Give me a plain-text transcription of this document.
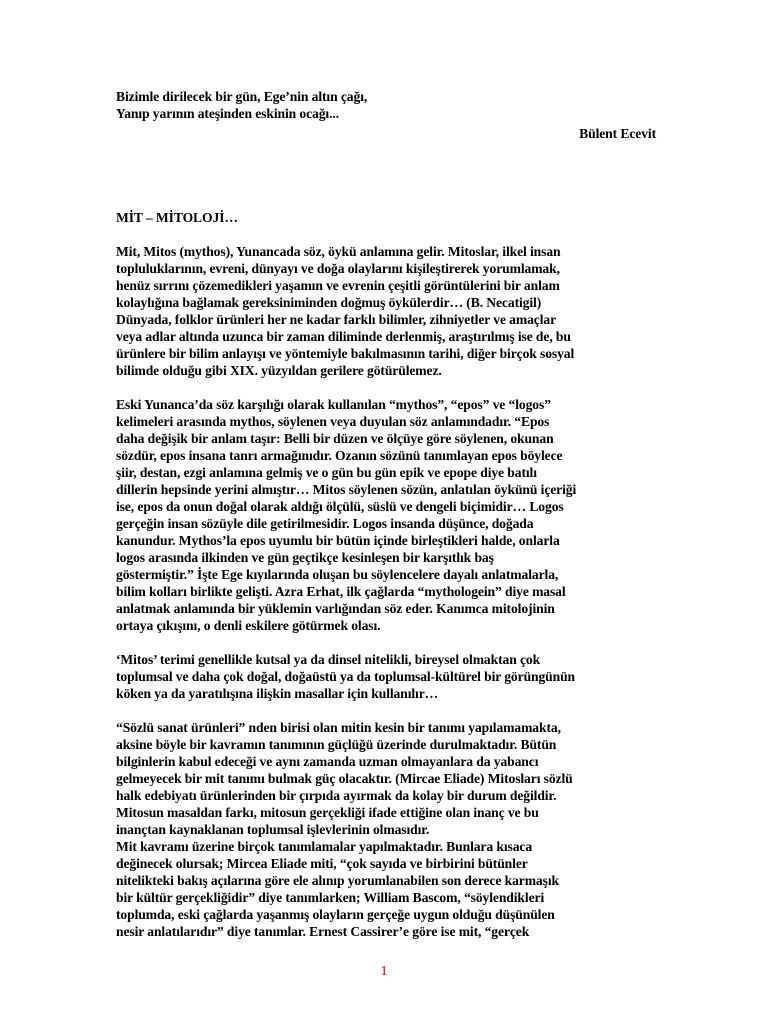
Bizimle dirilecek bir gün, Ege’nin altın çağı,
Yanıp yarının ateşinden eskinin ocağı...
Bülent Ecevit
MİT – MİTOLOJİ…
Mit, Mitos (mythos), Yunancada söz, öykü anlamına gelir. Mitoslar, ilkel insan
topluluklarının, evreni, dünyayı ve doğa olaylarını kişileştirerek yorumlamak,
henüz sırrını çözemedikleri yaşamın ve evrenin çeşitli görüntülerini bir anlam
kolaylığına bağlamak gereksiniminden doğmuş öykülerdir… (B. Necatigil)
Dünyada, folklor ürünleri her ne kadar farklı bilimler, zihniyetler ve amaçlar
veya adlar altında uzunca bir zaman diliminde derlenmiş, araştırılmış ise de, bu
ürünlere bir bilim anlayışı ve yöntemiyle bakılmasının tarihi, diğer birçok sosyal
bilimde olduğu gibi XIX. yüzyıldan gerilere götürülemez.
Eski Yunanca’da söz karşılığı olarak kullanılan “mythos”, “epos” ve “logos”
kelimeleri arasında mythos, söylenen veya duyulan söz anlamındadır. “Epos
daha değişik bir anlam taşır: Belli bir düzen ve ölçüye göre söylenen, okunan
sözdür, epos insana tanrı armağınıdır. Ozanın sözünü tanımlayan epos böylece
şiir, destan, ezgi anlamına gelmiş ve o gün bu gün epik ve epope diye batılı
dillerin hepsinde yerini almıştır… Mitos söylenen sözün, anlatılan öykünü içeriği
ise, epos da onun doğal olarak aldığı ölçülü, süslü ve dengeli biçimidir… Logos
gerçeğin insan sözüyle dile getirilmesidir. Logos insanda düşünce, doğada
kanundur. Mythos’la epos uyumlu bir bütün içinde birleştikleri halde, onlarla
logos arasında ilkinden ve gün geçtikçe kesinleşen bir karşıtlık baş
göstermiştir.” İşte Ege kıyılarında oluşan bu söylencelere dayalı anlatmalarla,
bilim kolları birlikte gelişti. Azra Erhat, ilk çağlarda “mythologein” diye masal
anlatmak anlamında bir yüklemin varlığından söz eder. Kanımca mitolojinin
ortaya çıkışını, o denli eskilere götürmek olası.
‘Mitos’ terimi genellikle kutsal ya da dinsel nitelikli, bireysel olmaktan çok
toplumsal ve daha çok doğal, doğaüstü ya da toplumsal-kültürel bir görüngünün
köken ya da yaratılışına ilişkin masallar için kullanılır…
“Sözlü sanat ürünleri” nden birisi olan mitin kesin bir tanımı yapılamamakta,
aksine böyle bir kavramın tanımının güçlüğü üzerinde durulmaktadır. Bütün
bilginlerin kabul edeceği ve aynı zamanda uzman olmayanlara da yabancı
gelmeyecek bir mit tanımı bulmak güç olacaktır. (Mircae Eliade) Mitosları sözlü
halk edebiyatı ürünlerinden bir çırpıda ayırmak da kolay bir durum değildir.
Mitosun masaldan farkı, mitosun gerçekliği ifade ettiğine olan inanç ve bu
inançtan kaynaklanan toplumsal işlevlerinin olmasıdır.
Mit kavramı üzerine birçok tanımlamalar yapılmaktadır. Bunlara kısaca
değinecek olursak; Mircea Eliade miti, “çok sayıda ve birbirini bütünler
nitelikteki bakış açılarına göre ele alınıp yorumlanabilen son derece karmaşık
bir kültür gerçekliğidir” diye tanımlarken; William Bascom, “söylendikleri
toplumda, eski çağlarda yaşanmış olayların gerçeğe uygun olduğu düşünülen
nesir anlatılarıdır” diye tanımlar. Ernest Cassirer’e göre ise mit, “gerçek
1
